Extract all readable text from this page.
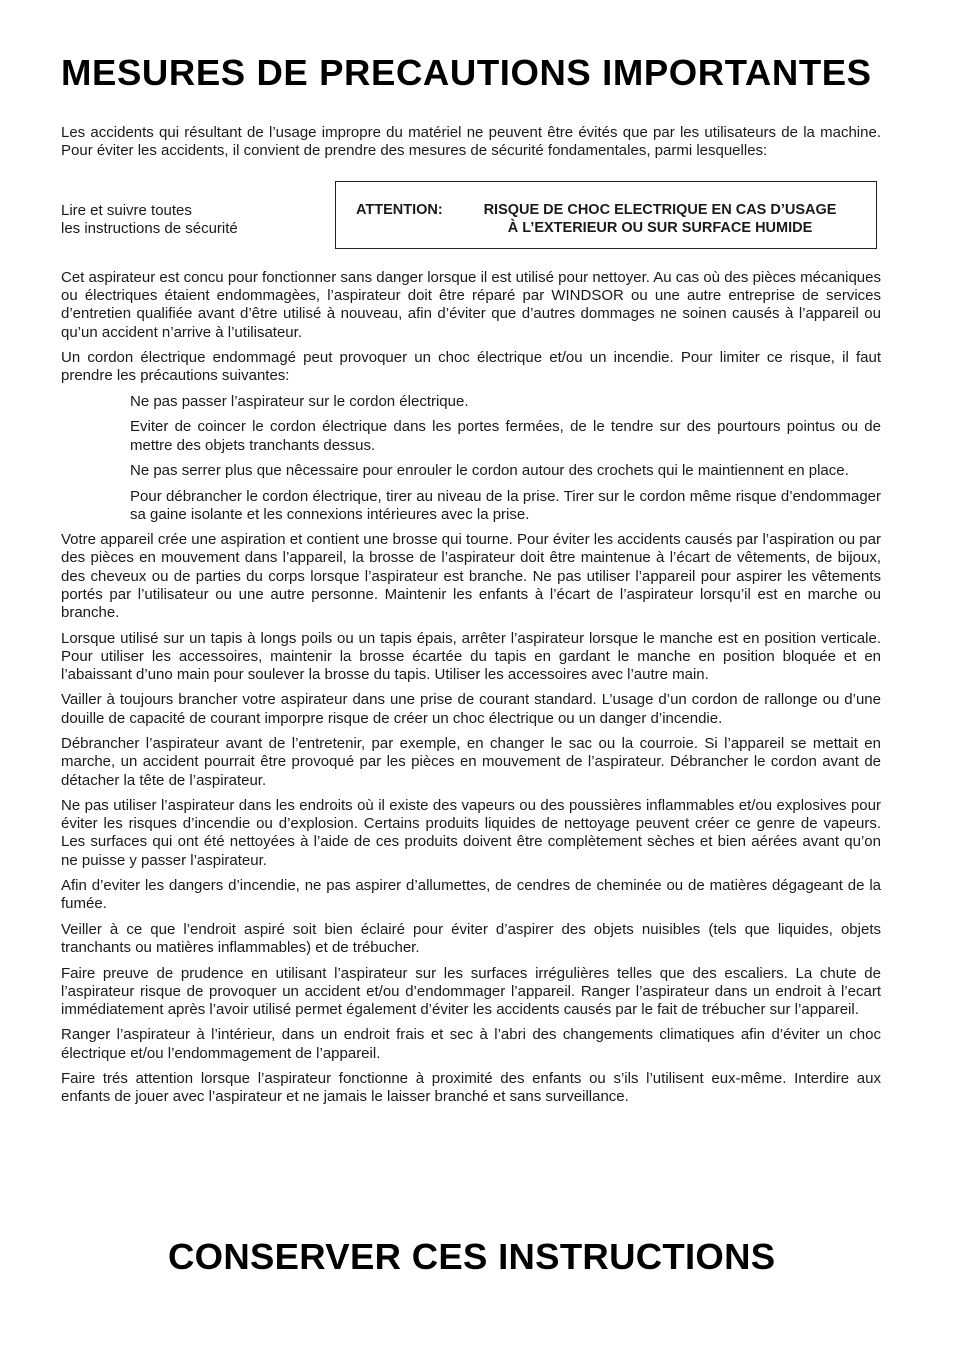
MESURES DE PRECAUTIONS IMPORTANTES
Les accidents qui résultant de l’usage impropre du matériel ne peuvent être évités que par les utilisateurs de la machine. Pour éviter les accidents, il convient de prendre des mesures de sécurité fondamentales, parmi lesquelles:
Lire et suivre toutes
les instructions de sécurité
ATTENTION:	RISQUE DE CHOC ELECTRIQUE EN CAS D’USAGE
À L’EXTERIEUR OU SUR SURFACE HUMIDE

Cet aspirateur est concu pour fonctionner sans danger lorsque il est utilisé pour nettoyer. Au cas où des pièces mécaniques ou électriques étaient endommagèes, l’aspirateur doit être réparé par WINDSOR ou une autre entreprise de services d’entretien qualifiée avant d’être utilisé à nouveau, afin d’éviter que d’autres dommages ne soinen causés à l’appareil ou qu’un accident n’arrive à l’utilisateur.

Un cordon électrique endommagé peut provoquer un choc électrique et/ou un incendie. Pour limiter ce risque, il faut prendre les précautions suivantes:

Ne pas passer l’aspirateur sur le cordon électrique.

Eviter de coincer le cordon électrique dans les portes fermées, de le tendre sur des pourtours pointus ou de mettre des objets tranchants dessus.

Ne pas serrer plus que nêcessaire pour enrouler le cordon autour des crochets qui le maintiennent en place.

Pour débrancher le cordon électrique, tirer au niveau de la prise. Tirer sur le cordon même risque d’endommager sa gaine isolante et les connexions intérieures avec la prise.

Votre appareil crée une aspiration et contient une brosse qui tourne. Pour éviter les accidents causés par l’aspiration ou par des pièces en mouvement dans l’appareil, la brosse de l’aspirateur doit être maintenue à l’écart de vêtements, de bijoux, des cheveux ou de parties du corps lorsque l’aspirateur est branche. Ne pas utiliser l’appareil pour aspirer les vêtements portés par l’utilisateur ou une autre personne. Maintenir les enfants à l’écart de l’aspirateur lorsqu’il est en marche ou branche.

Lorsque utilisé sur un tapis à longs poils ou un tapis épais, arrêter l’aspirateur lorsque le manche est en position verticale. Pour utiliser les accessoires, maintenir la brosse écartée du tapis en gardant le manche en position bloquée et en l’abaissant d’uno main pour soulever la brosse du tapis. Utiliser les accessoires avec l’autre main.

Vailler à toujours brancher votre aspirateur dans une prise de courant standard. L’usage d’un cordon de rallonge ou d’une douille de capacité de courant imporpre risque de créer un choc électrique ou un danger d’incendie.

Débrancher l’aspirateur avant de l’entretenir, par exemple, en changer le sac ou la courroie. Si l’appareil se mettait en marche, un accident pourrait être provoqué par les pièces en mouvement de l’aspirateur. Débrancher le cordon avant de détacher la tête de l’aspirateur.

Ne pas utiliser l’aspirateur dans les endroits où il existe des vapeurs ou des poussières inflammables et/ou explosives pour éviter les risques d’incendie ou d’explosion. Certains produits liquides de nettoyage peuvent créer ce genre de vapeurs. Les surfaces qui ont été nettoyées à l’aide de ces produits doivent être complètement sèches et bien aérées avant qu’on ne puisse y passer l’aspirateur.

Afin d’eviter les dangers d’incendie, ne pas aspirer d’allumettes, de cendres de cheminée ou de matières dégageant de la fumée.

Veiller à ce que l’endroit aspiré soit bien éclairé pour éviter d’aspirer des objets nuisibles (tels que liquides, objets tranchants ou matières inflammables) et de trébucher.

Faire preuve de prudence en utilisant l’aspirateur sur les surfaces irrégulières telles que des escaliers. La chute de l’aspirateur risque de provoquer un accident et/ou d’endommager l’appareil. Ranger l’aspirateur dans un endroit à l’ecart immédiatement après l’avoir utilisé permet également d’éviter les accidents causés par le fait de trébucher sur l’appareil.

Ranger l’aspirateur à l’intérieur, dans un endroit frais et sec à l’abri des changements climatiques afin d’éviter un choc électrique et/ou l’endommagement de l’appareil.

Faire trés attention lorsque l’aspirateur fonctionne à proximité des enfants ou s’ils l’utilisent eux-même. Interdire aux enfants de jouer avec l’aspirateur et ne jamais le laisser branché et sans surveillance.

CONSERVER CES INSTRUCTIONS
